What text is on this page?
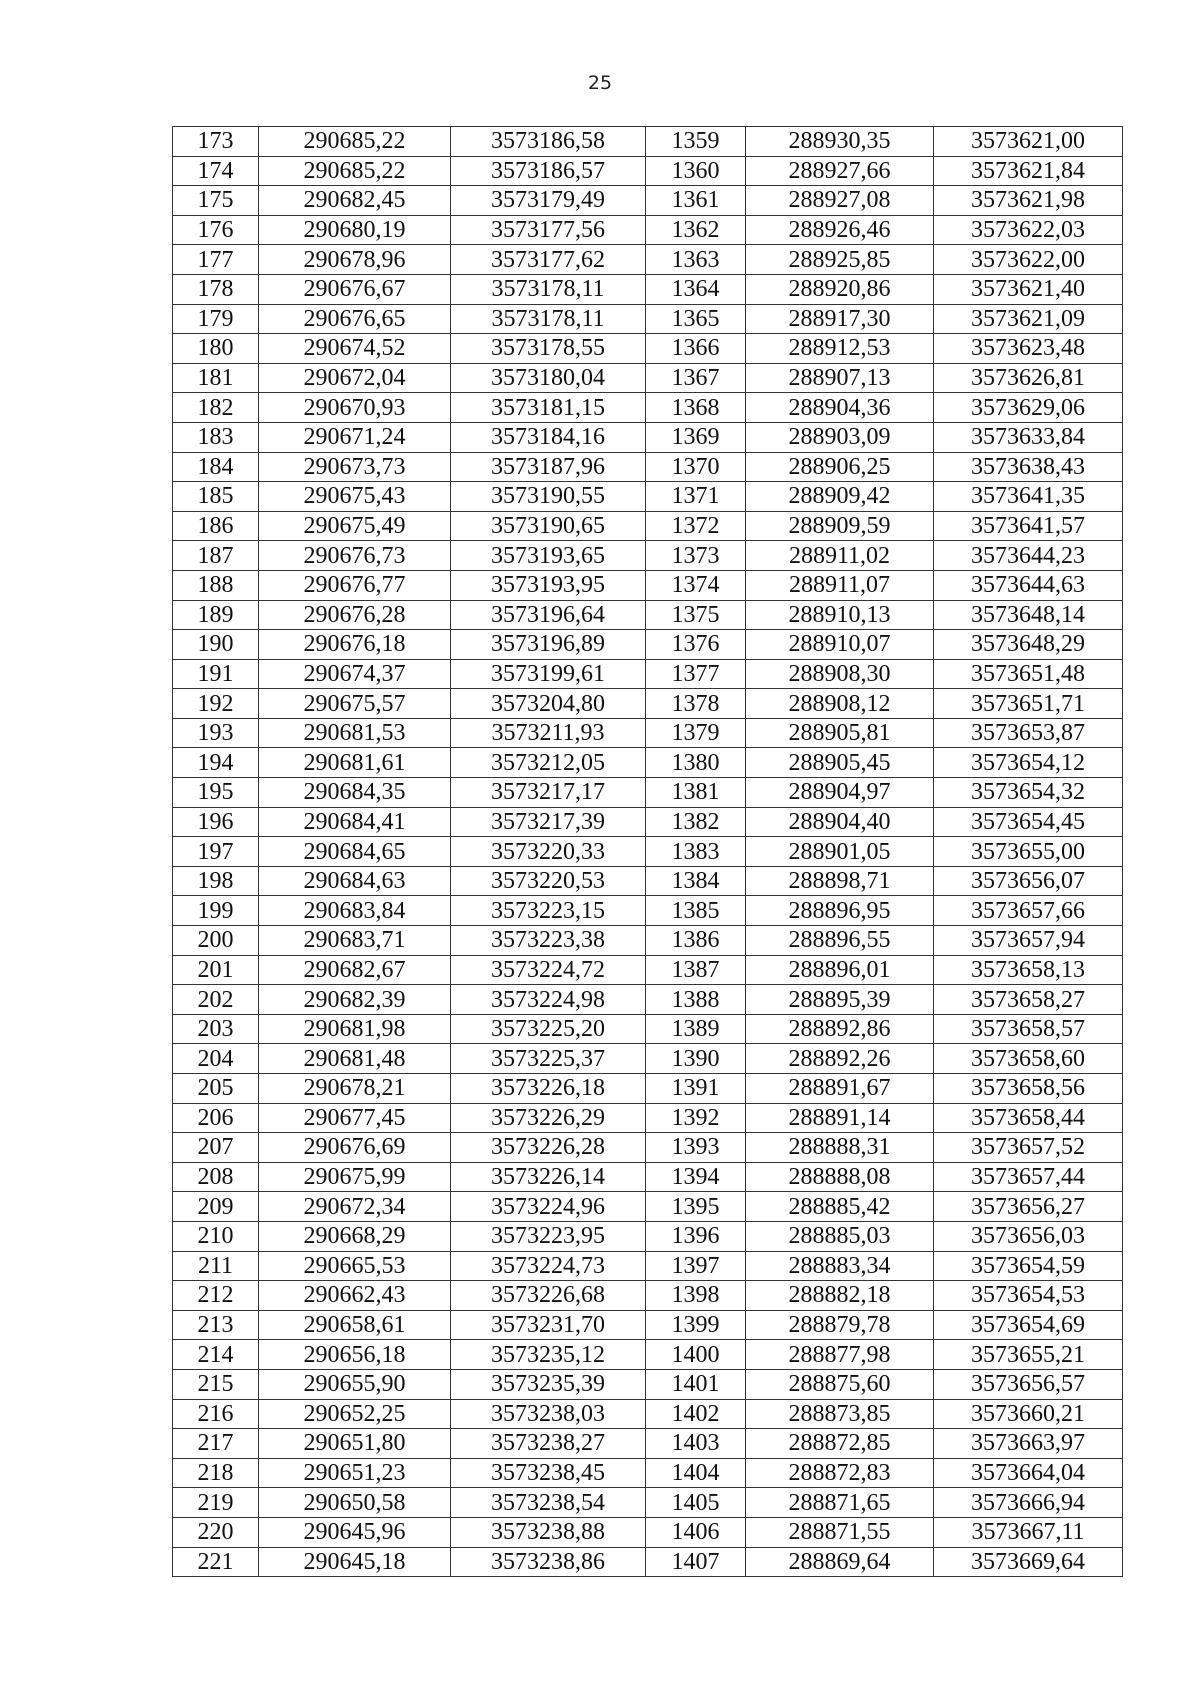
25
173	290685,22	3573186,58	1359	288930,35	3573621,00
174	290685,22	3573186,57	1360	288927,66	3573621,84
175	290682,45	3573179,49	1361	288927,08	3573621,98
176	290680,19	3573177,56	1362	288926,46	3573622,03
177	290678,96	3573177,62	1363	288925,85	3573622,00
178	290676,67	3573178,11	1364	288920,86	3573621,40
179	290676,65	3573178,11	1365	288917,30	3573621,09
180	290674,52	3573178,55	1366	288912,53	3573623,48
181	290672,04	3573180,04	1367	288907,13	3573626,81
182	290670,93	3573181,15	1368	288904,36	3573629,06
183	290671,24	3573184,16	1369	288903,09	3573633,84
184	290673,73	3573187,96	1370	288906,25	3573638,43
185	290675,43	3573190,55	1371	288909,42	3573641,35
186	290675,49	3573190,65	1372	288909,59	3573641,57
187	290676,73	3573193,65	1373	288911,02	3573644,23
188	290676,77	3573193,95	1374	288911,07	3573644,63
189	290676,28	3573196,64	1375	288910,13	3573648,14
190	290676,18	3573196,89	1376	288910,07	3573648,29
191	290674,37	3573199,61	1377	288908,30	3573651,48
192	290675,57	3573204,80	1378	288908,12	3573651,71
193	290681,53	3573211,93	1379	288905,81	3573653,87
194	290681,61	3573212,05	1380	288905,45	3573654,12
195	290684,35	3573217,17	1381	288904,97	3573654,32
196	290684,41	3573217,39	1382	288904,40	3573654,45
197	290684,65	3573220,33	1383	288901,05	3573655,00
198	290684,63	3573220,53	1384	288898,71	3573656,07
199	290683,84	3573223,15	1385	288896,95	3573657,66
200	290683,71	3573223,38	1386	288896,55	3573657,94
201	290682,67	3573224,72	1387	288896,01	3573658,13
202	290682,39	3573224,98	1388	288895,39	3573658,27
203	290681,98	3573225,20	1389	288892,86	3573658,57
204	290681,48	3573225,37	1390	288892,26	3573658,60
205	290678,21	3573226,18	1391	288891,67	3573658,56
206	290677,45	3573226,29	1392	288891,14	3573658,44
207	290676,69	3573226,28	1393	288888,31	3573657,52
208	290675,99	3573226,14	1394	288888,08	3573657,44
209	290672,34	3573224,96	1395	288885,42	3573656,27
210	290668,29	3573223,95	1396	288885,03	3573656,03
211	290665,53	3573224,73	1397	288883,34	3573654,59
212	290662,43	3573226,68	1398	288882,18	3573654,53
213	290658,61	3573231,70	1399	288879,78	3573654,69
214	290656,18	3573235,12	1400	288877,98	3573655,21
215	290655,90	3573235,39	1401	288875,60	3573656,57
216	290652,25	3573238,03	1402	288873,85	3573660,21
217	290651,80	3573238,27	1403	288872,85	3573663,97
218	290651,23	3573238,45	1404	288872,83	3573664,04
219	290650,58	3573238,54	1405	288871,65	3573666,94
220	290645,96	3573238,88	1406	288871,55	3573667,11
221	290645,18	3573238,86	1407	288869,64	3573669,64
